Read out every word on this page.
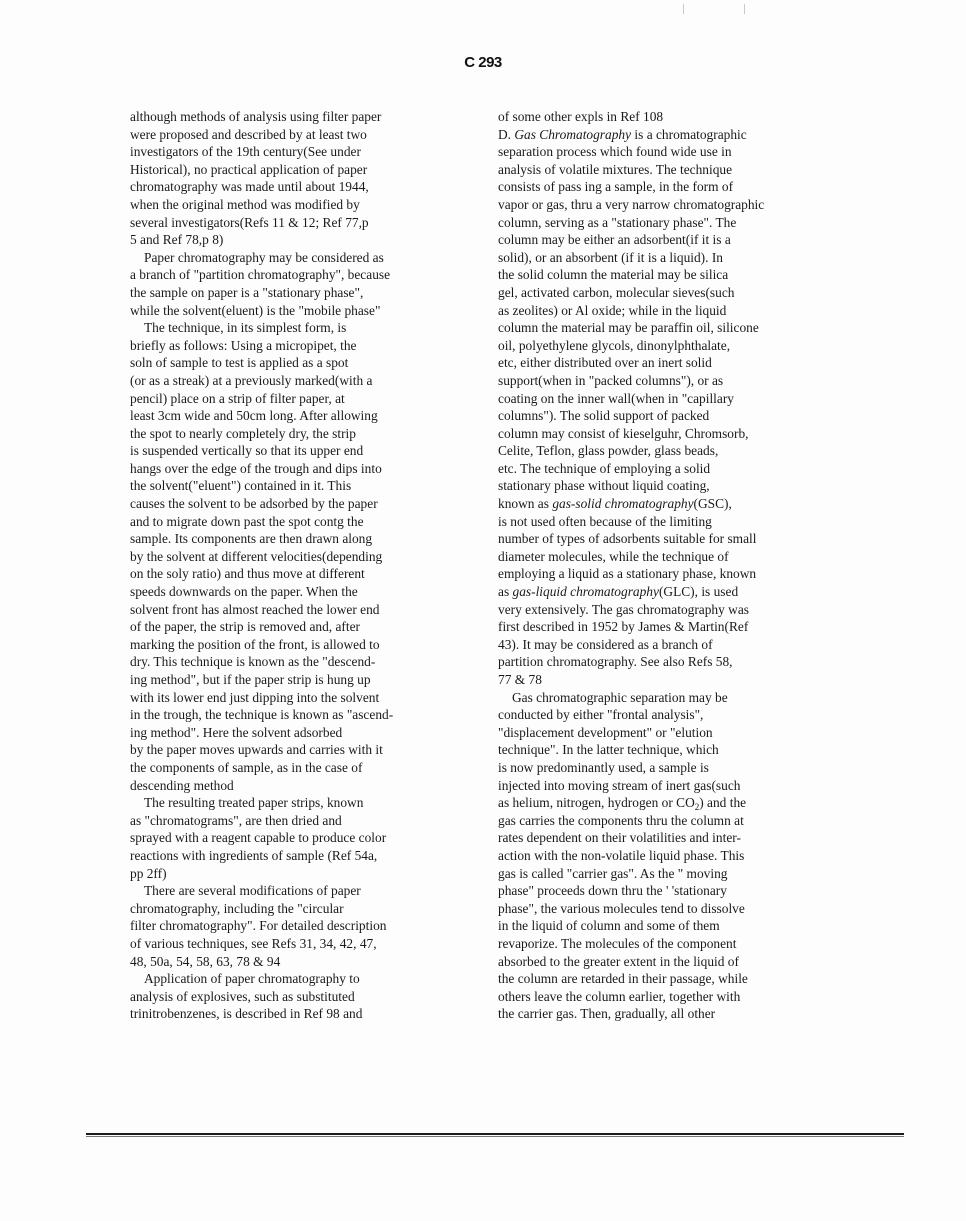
C 293
although methods of analysis using filter paper
were proposed and described by at least two
investigators of the 19th century(See under
Historical), no practical application of paper
chromatography was made until about 1944,
when the original method was modified by
several investigators(Refs 11 & 12; Ref 77,p
5 and Ref 78,p 8)
Paper chromatography may be considered as
a branch of "partition chromatography", because
the sample on paper is a "stationary phase",
while the solvent(eluent) is the "mobile phase"
The technique, in its simplest form, is
briefly as follows: Using a micropipet, the
soln of sample to test is applied as a spot
(or as a streak) at a previously marked(with a
pencil) place on a strip of filter paper, at
least 3cm wide and 50cm long. After allowing
the spot to nearly completely dry, the strip
is suspended vertically so that its upper end
hangs over the edge of the trough and dips into
the solvent("eluent") contained in it. This
causes the solvent to be adsorbed by the paper
and to migrate down past the spot contg the
sample. Its components are then drawn along
by the solvent at different velocities(depending
on the soly ratio) and thus move at different
speeds downwards on the paper. When the
solvent front has almost reached the lower end
of the paper, the strip is removed and, after
marking the position of the front, is allowed to
dry. This technique is known as the "descend-
ing method", but if the paper strip is hung up
with its lower end just dipping into the solvent
in the trough, the technique is known as "ascend-
ing method". Here the solvent adsorbed
by the paper moves upwards and carries with it
the components of sample, as in the case of
descending method
The resulting treated paper strips, known
as "chromatograms", are then dried and
sprayed with a reagent capable to produce color
reactions with ingredients of sample (Ref 54a,
pp 2ff)
There are several modifications of paper
chromatography, including the "circular
filter chromatography". For detailed description
of various techniques, see Refs 31, 34, 42, 47,
48, 50a, 54, 58, 63, 78 & 94
Application of paper chromatography to
analysis of explosives, such as substituted
trinitrobenzenes, is described in Ref 98 and
of some other expls in Ref 108
D. Gas Chromatography is a chromatographic
separation process which found wide use in
analysis of volatile mixtures. The technique
consists of pass ing a sample, in the form of
vapor or gas, thru a very narrow chromatographic
column, serving as a "stationary phase". The
column may be either an adsorbent(if it is a
solid), or an absorbent (if it is a liquid). In
the solid column the material may be silica
gel, activated carbon, molecular sieves(such
as zeolites) or Al oxide; while in the liquid
column the material may be paraffin oil, silicone
oil, polyethylene glycols, dinonylphthalate,
etc, either distributed over an inert solid
support(when in "packed columns"), or as
coating on the inner wall(when in "capillary
columns"). The solid support of packed
column may consist of kieselguhr, Chromsorb,
Celite, Teflon, glass powder, glass beads,
etc. The technique of employing a solid
stationary phase without liquid coating,
known as gas-solid chromatography(GSC),
is not used often because of the limiting
number of types of adsorbents suitable for small
diameter molecules, while the technique of
employing a liquid as a stationary phase, known
as gas-liquid chromatography(GLC), is used
very extensively. The gas chromatography was
first described in 1952 by James & Martin(Ref
43). It may be considered as a branch of
partition chromatography. See also Refs 58,
77 & 78
Gas chromatographic separation may be
conducted by either "frontal analysis",
"displacement development" or "elution
technique". In the latter technique, which
is now predominantly used, a sample is
injected into moving stream of inert gas(such
as helium, nitrogen, hydrogen or $CO_2$) and the
gas carries the components thru the column at
rates dependent on their volatilities and inter-
action with the non-volatile liquid phase. This
gas is called "carrier gas". As the " moving
phase" proceeds down thru the ' 'stationary
phase", the various molecules tend to dissolve
in the liquid of column and some of them
revaporize. The molecules of the component
absorbed to the greater extent in the liquid of
the column are retarded in their passage, while
others leave the column earlier, together with
the carrier gas. Then, gradually, all other
